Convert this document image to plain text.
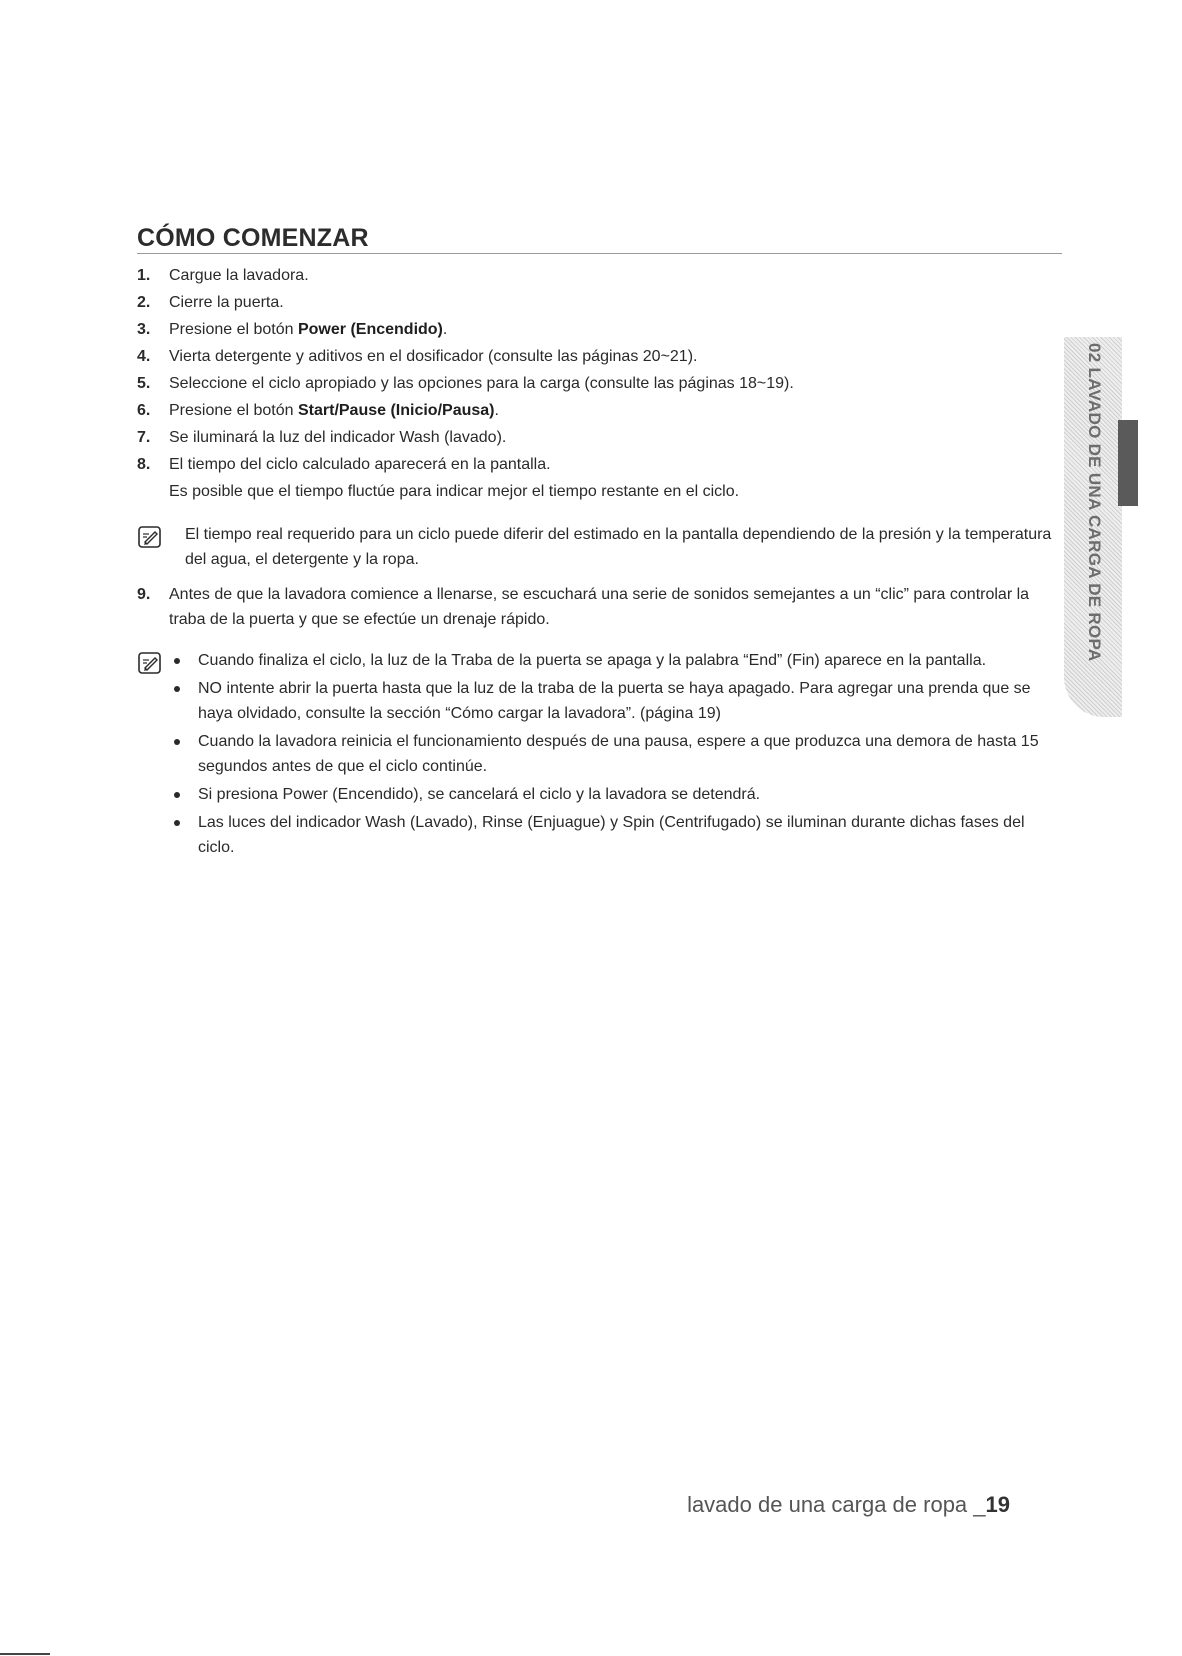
CÓMO COMENZAR
1. Cargue la lavadora.
2. Cierre la puerta.
3. Presione el botón Power (Encendido).
4. Vierta detergente y aditivos en el dosificador (consulte las páginas 20~21).
5. Seleccione el ciclo apropiado y las opciones para la carga (consulte las páginas 18~19).
6. Presione el botón Start/Pause (Inicio/Pausa).
7. Se iluminará la luz del indicador Wash (lavado).
8. El tiempo del ciclo calculado aparecerá en la pantalla.
Es posible que el tiempo fluctúe para indicar mejor el tiempo restante en el ciclo.
El tiempo real requerido para un ciclo puede diferir del estimado en la pantalla dependiendo de la presión y la temperatura del agua, el detergente y la ropa.
9. Antes de que la lavadora comience a llenarse, se escuchará una serie de sonidos semejantes a un “clic” para controlar la traba de la puerta y que se efectúe un drenaje rápido.
Cuando finaliza el ciclo, la luz de la Traba de la puerta se apaga y la palabra “End” (Fin) aparece en la pantalla.
NO intente abrir la puerta hasta que la luz de la traba de la puerta se haya apagado. Para agregar una prenda que se haya olvidado, consulte la sección “Cómo cargar la lavadora”. (página 19)
Cuando la lavadora reinicia el funcionamiento después de una pausa, espere a que produzca una demora de hasta 15 segundos antes de que el ciclo continúe.
Si presiona Power (Encendido), se cancelará el ciclo y la lavadora se detendrá.
Las luces del indicador Wash (Lavado), Rinse (Enjuague) y Spin (Centrifugado) se iluminan durante dichas fases del ciclo.
02 LAVADO DE UNA CARGA DE ROPA
lavado de una carga de ropa _19
